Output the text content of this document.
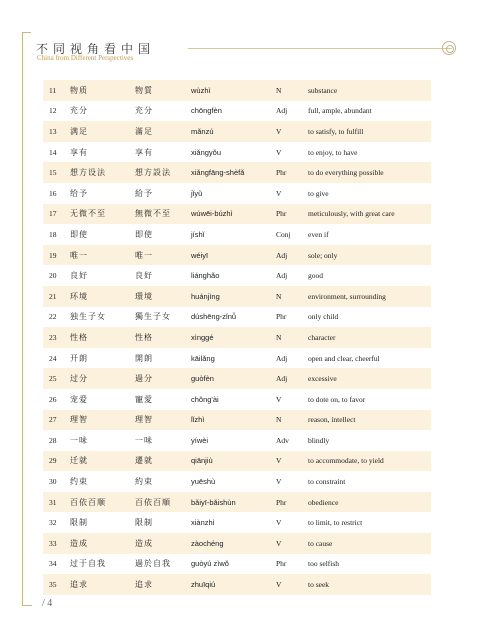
不同视角看中国
China from Different Perspectives
11	物质	物質	wùzhì	N	substance
12	充分	充分	chōngfèn	Adj	full, ample, abundant
13	满足	滿足	mǎnzú	V	to satisfy, to fulfill
14	享有	享有	xiǎngyǒu	V	to enjoy, to have
15	想方设法	想方設法	xiǎngfāng-shèfǎ	Phr	to do everything possible
16	给予	給予	jǐyǔ	V	to give
17	无微不至	無微不至	wúwēi-búzhì	Phr	meticulously, with great care
18	即使	即使	jíshǐ	Conj	even if
19	唯一	唯一	wéiyī	Adj	sole; only
20	良好	良好	liánghǎo	Adj	good
21	环境	環境	huánjìng	N	environment, surrounding
22	独生子女	獨生子女	dúshēng-zǐnǚ	Phr	only child
23	性格	性格	xìnggé	N	character
24	开朗	開朗	kāilǎng	Adj	open and clear, cheerful
25	过分	過分	guòfèn	Adj	excessive
26	宠爱	寵愛	chǒng'ài	V	to dote on, to favor
27	理智	理智	lǐzhì	N	reason, intellect
28	一味	一味	yíwèi	Adv	blindly
29	迁就	遷就	qiānjiù	V	to accommodate, to yield
30	约束	約束	yuēshù	V	to constraint
31	百依百顺	百依百順	bǎiyī-bǎishùn	Phr	obedience
32	限制	限制	xiànzhì	V	to limit, to restrict
33	造成	造成	zàochéng	V	to cause
34	过于自我	過於自我	guòyú zìwǒ	Phr	too selfish
35	追求	追求	zhuīqiú	V	to seek
/ 4
